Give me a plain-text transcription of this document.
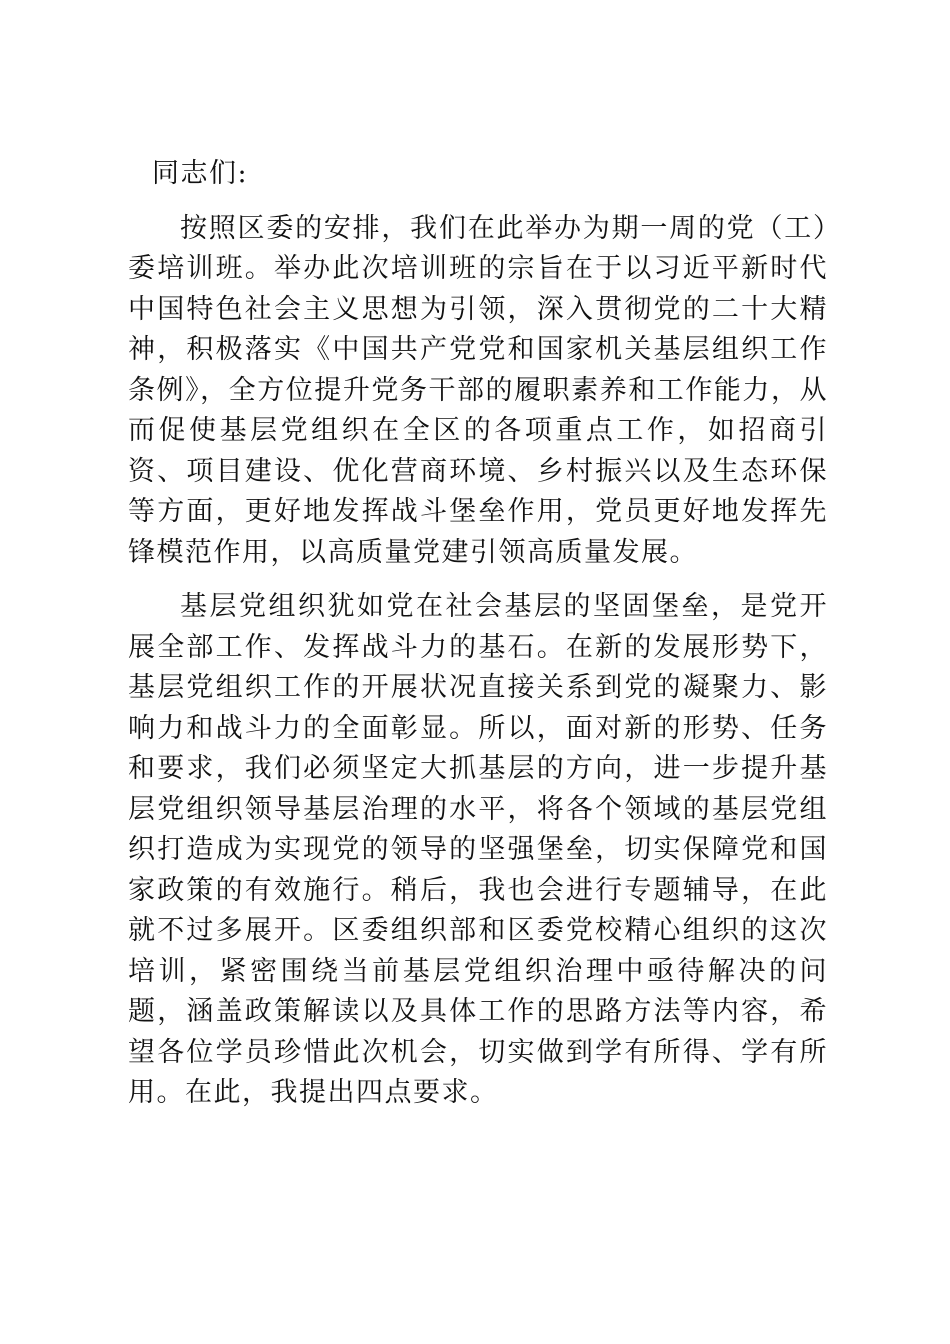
同志们:

按照区委的安排，我们在此举办为期一周的党（工）委培训班。举办此次培训班的宗旨在于以习近平新时代中国特色社会主义思想为引领，深入贯彻党的二十大精神，积极落实《中国共产党党和国家机关基层组织工作条例》，全方位提升党务干部的履职素养和工作能力，从而促使基层党组织在全区的各项重点工作，如招商引资、项目建设、优化营商环境、乡村振兴以及生态环保等方面，更好地发挥战斗堡垒作用，党员更好地发挥先锋模范作用，以高质量党建引领高质量发展。

基层党组织犹如党在社会基层的坚固堡垒，是党开展全部工作、发挥战斗力的基石。在新的发展形势下，基层党组织工作的开展状况直接关系到党的凝聚力、影响力和战斗力的全面彰显。所以，面对新的形势、任务和要求，我们必须坚定大抓基层的方向，进一步提升基层党组织领导基层治理的水平，将各个领域的基层党组织打造成为实现党的领导的坚强堡垒，切实保障党和国家政策的有效施行。稍后，我也会进行专题辅导，在此就不过多展开。区委组织部和区委党校精心组织的这次培训，紧密围绕当前基层党组织治理中亟待解决的问题，涵盖政策解读以及具体工作的思路方法等内容，希望各位学员珍惜此次机会，切实做到学有所得、学有所用。在此，我提出四点要求。
